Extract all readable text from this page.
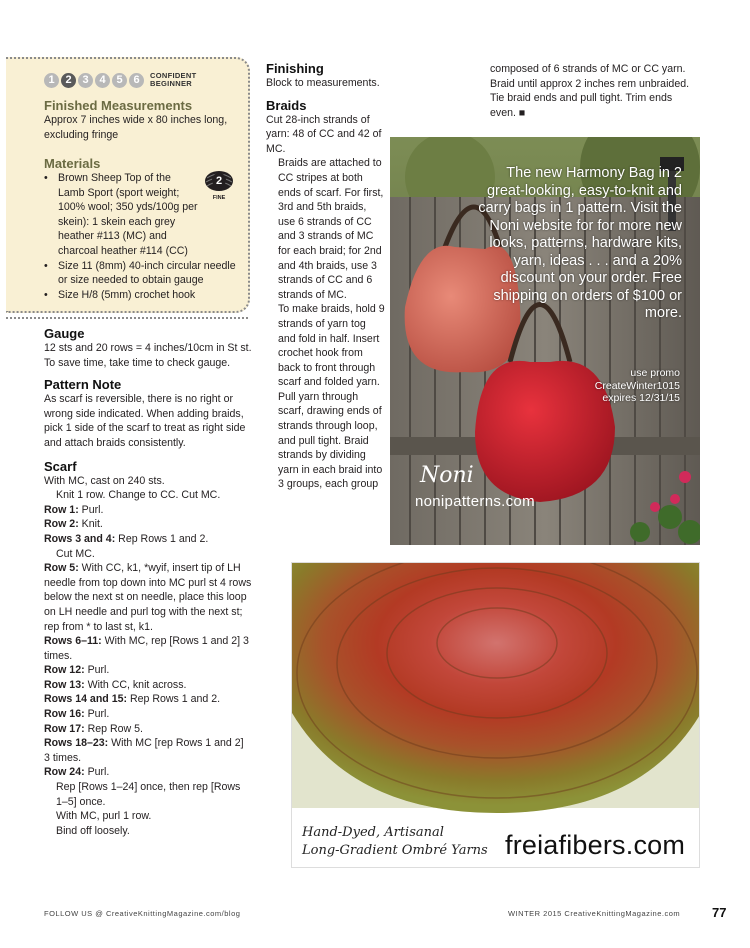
1 2 3 4 5 6	CONFIDENT
BEGINNER

Finished Measurements

Approx 7 inches wide x 80 inches long, excluding fringe

Materials

• Brown Sheep Top of the Lamb Sport (sport weight; 100% wool; 350 yds/100g per skein): 1 skein each grey heather #113 (MC) and charcoal heather #114 (CC)
• Size 11 (8mm) 40-inch circular needle or size needed to obtain gauge
• Size H/8 (5mm) crochet hook
2
FINE

Gauge

12 sts and 20 rows = 4 inches/10cm in St st.

To save time, take time to check gauge.

Pattern Note

As scarf is reversible, there is no right or wrong side indicated. When adding braids, pick 1 side of the scarf to treat as right side and attach braids consistently.

Scarf

With MC, cast on 240 sts.

Knit 1 row. Change to CC. Cut MC.

Row 1: Purl.

Row 2: Knit.

Rows 3 and 4: Rep Rows 1 and 2.

Cut MC.

Row 5: With CC, k1, *wyif, insert tip of LH needle from top down into MC purl st 4 rows below the next st on needle, place this loop on LH needle and purl tog with the next st; rep from * to last st, k1.

Rows 6–11: With MC, rep [Rows 1 and 2] 3 times.

Row 12: Purl.

Row 13: With CC, knit across.

Rows 14 and 15: Rep Rows 1 and 2.

Row 16: Purl.

Row 17: Rep Row 5.

Rows 18–23: With MC [rep Rows 1 and 2] 3 times.

Row 24: Purl.

Rep [Rows 1–24] once, then rep [Rows 1–5] once.

With MC, purl 1 row.

Bind off loosely.

Finishing

Block to measurements.

Braids

Cut 28-inch strands of yarn: 48 of CC and 42 of MC.

Braids are attached to CC stripes at both ends of scarf. For first, 3rd and 5th braids, use 6 strands of CC and 3 strands of MC for each braid; for 2nd and 4th braids, use 3 strands of CC and 6 strands of MC.

To make braids, hold 9 strands of yarn tog and fold in half. Insert crochet hook from back to front through scarf and folded yarn. Pull yarn through scarf, drawing ends of strands through loop, and pull tight. Braid strands by dividing yarn in each braid into 3 groups, each group

composed of 6 strands of MC or CC yarn. Braid until approx 2 inches rem unbraided. Tie braid ends and pull tight. Trim ends even. ■

The new Harmony Bag in 2 great-looking, easy-to-knit and carry bags in 1 pattern. Visit the Noni website for for more new looks, patterns, hardware kits, yarn, ideas . . . and a 20% discount on your order. Free shipping on orders of $100 or more.
use promo
CreateWinter1015
expires 12/31/15
Noni
nonipatterns.com
Hand-Dyed, Artisanal
Long-Gradient Ombré Yarns freiafibers.com
FOLLOW US @ CreativeKnittingMagazine.com/blog	WINTER 2015 CreativeKnittingMagazine.com 77
